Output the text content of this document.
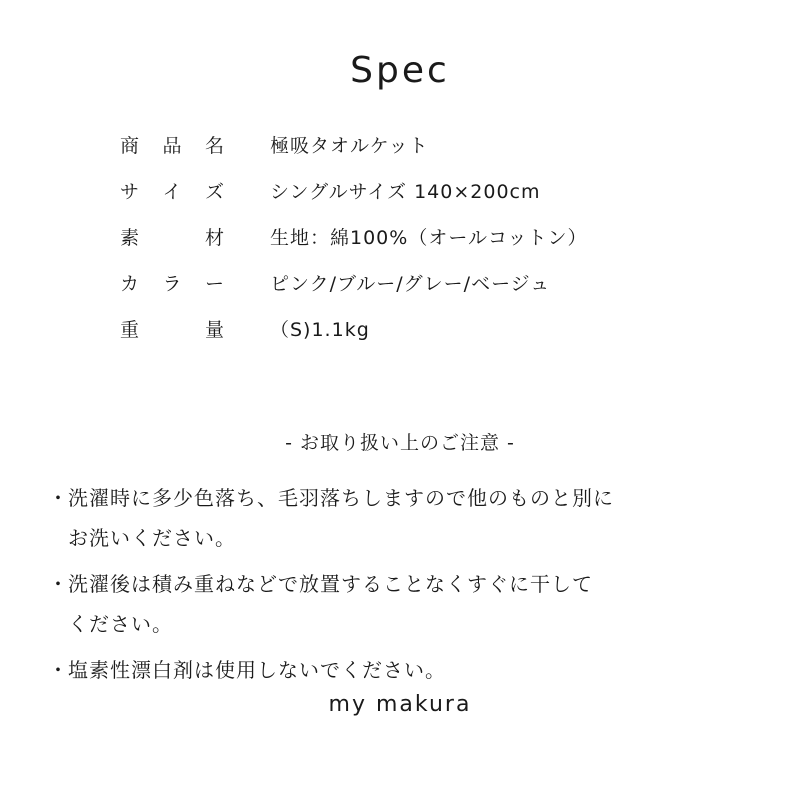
Spec
商 品 名 極吸タオルケット
サ イ ズ シングルサイズ 140×200cm
素	材 生地：綿100%（オールコットン）
カ ラ ー ピンク/ブルー/グレー/ベージュ
重	量 （S)1.1kg
- お取り扱い上のご注意 -
・ 洗濯時に多少色落ち、毛羽落ちしますので他のものと別に
お洗いください。
・ 洗濯後は積み重ねなどで放置することなくすぐに干して
ください。
・ 塩素性漂白剤は使用しないでください。
my makura
